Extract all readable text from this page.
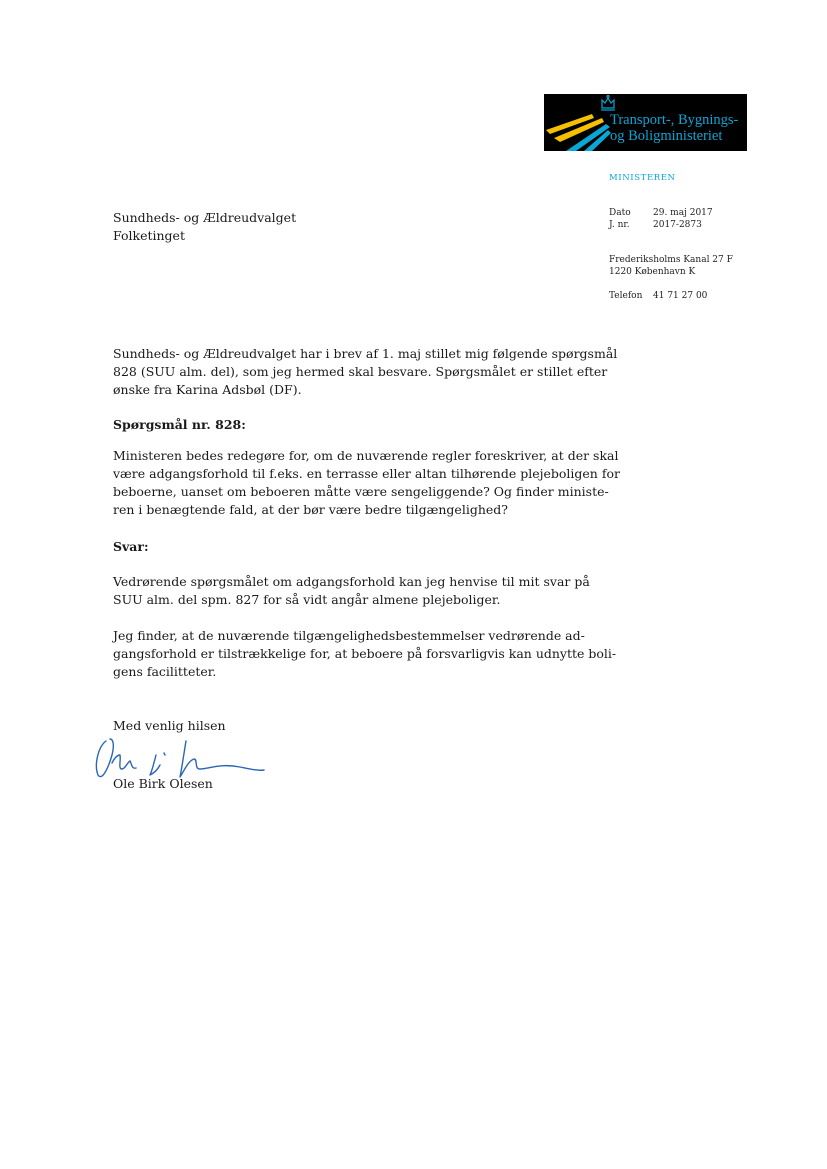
Transport-, Bygnings-
og Boligministeriet
MINISTEREN
Dato 29. maj 2017
J. nr.	2017-2873
Frederiksholms Kanal 27 F
1220 København K
Telefon 41 71 27 00
Sundheds- og Ældreudvalget
Folketinget
Sundheds- og Ældreudvalget har i brev af 1. maj stillet mig følgende spørgsmål
828 (SUU alm. del), som jeg hermed skal besvare. Spørgsmålet er stillet efter
ønske fra Karina Adsbøl (DF).
Spørgsmål nr. 828:
Ministeren bedes redegøre for, om de nuværende regler foreskriver, at der skal
være adgangsforhold til f.eks. en terrasse eller altan tilhørende plejeboligen for
beboerne, uanset om beboeren måtte være sengeliggende? Og finder ministe-
ren i benægtende fald, at der bør være bedre tilgængelighed?
Svar:
Vedrørende spørgsmålet om adgangsforhold kan jeg henvise til mit svar på
SUU alm. del spm. 827 for så vidt angår almene plejeboliger.
Jeg finder, at de nuværende tilgængelighedsbestemmelser vedrørende ad-
gangsforhold er tilstrækkelige for, at beboere på forsvarligvis kan udnytte boli-
gens facilitteter.
Med venlig hilsen
Ole Birk Olesen
